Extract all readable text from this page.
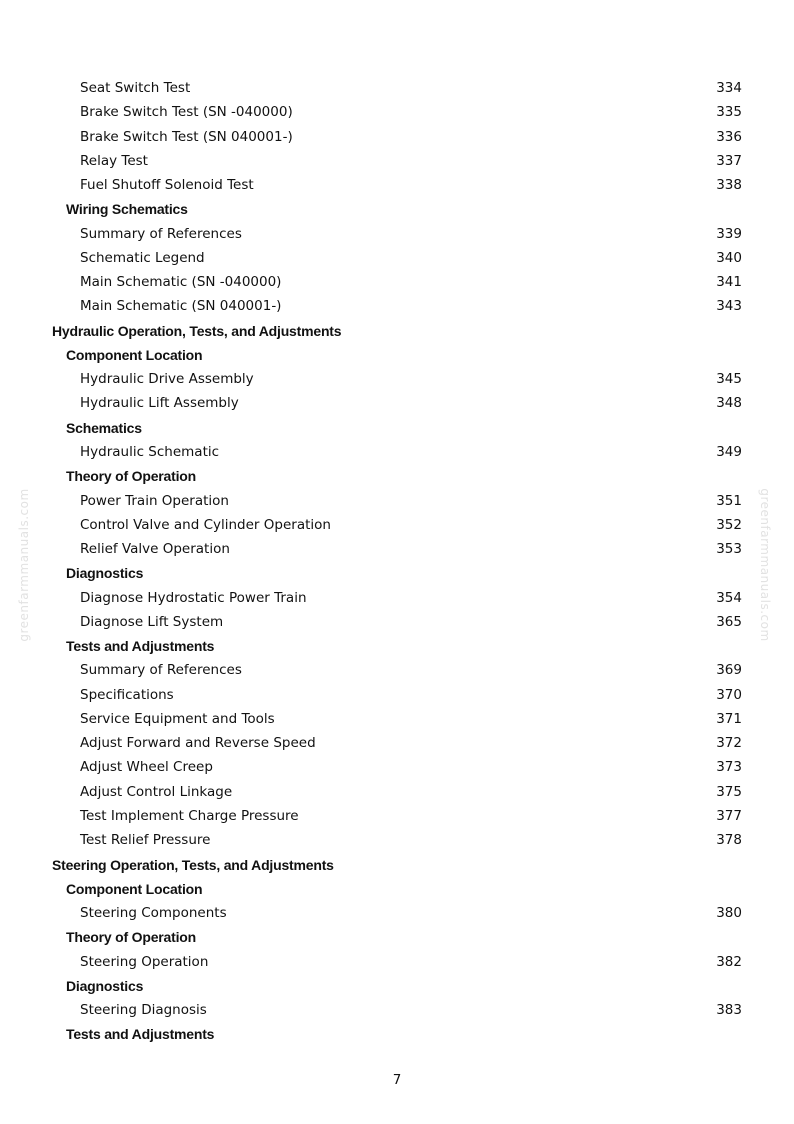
Seat Switch Test	334
Brake Switch Test (SN -040000)	335
Brake Switch Test (SN 040001-)	336
Relay Test	337
Fuel Shutoff Solenoid Test	338
Wiring Schematics
Summary of References	339
Schematic Legend	340
Main Schematic (SN -040000)	341
Main Schematic (SN 040001-)	343
Hydraulic Operation, Tests, and Adjustments
Component Location
Hydraulic Drive Assembly	345
Hydraulic Lift Assembly	348
Schematics
Hydraulic Schematic	349
Theory of Operation
Power Train Operation	351
Control Valve and Cylinder Operation	352
Relief Valve Operation	353
Diagnostics
Diagnose Hydrostatic Power Train	354
Diagnose Lift System	365
Tests and Adjustments
Summary of References	369
Specifications	370
Service Equipment and Tools	371
Adjust Forward and Reverse Speed	372
Adjust Wheel Creep	373
Adjust Control Linkage	375
Test Implement Charge Pressure	377
Test Relief Pressure	378
Steering Operation, Tests, and Adjustments
Component Location
Steering Components	380
Theory of Operation
Steering Operation	382
Diagnostics
Steering Diagnosis	383
Tests and Adjustments
greenfarmmanuals.com	greenfarmmanuals.com
7
